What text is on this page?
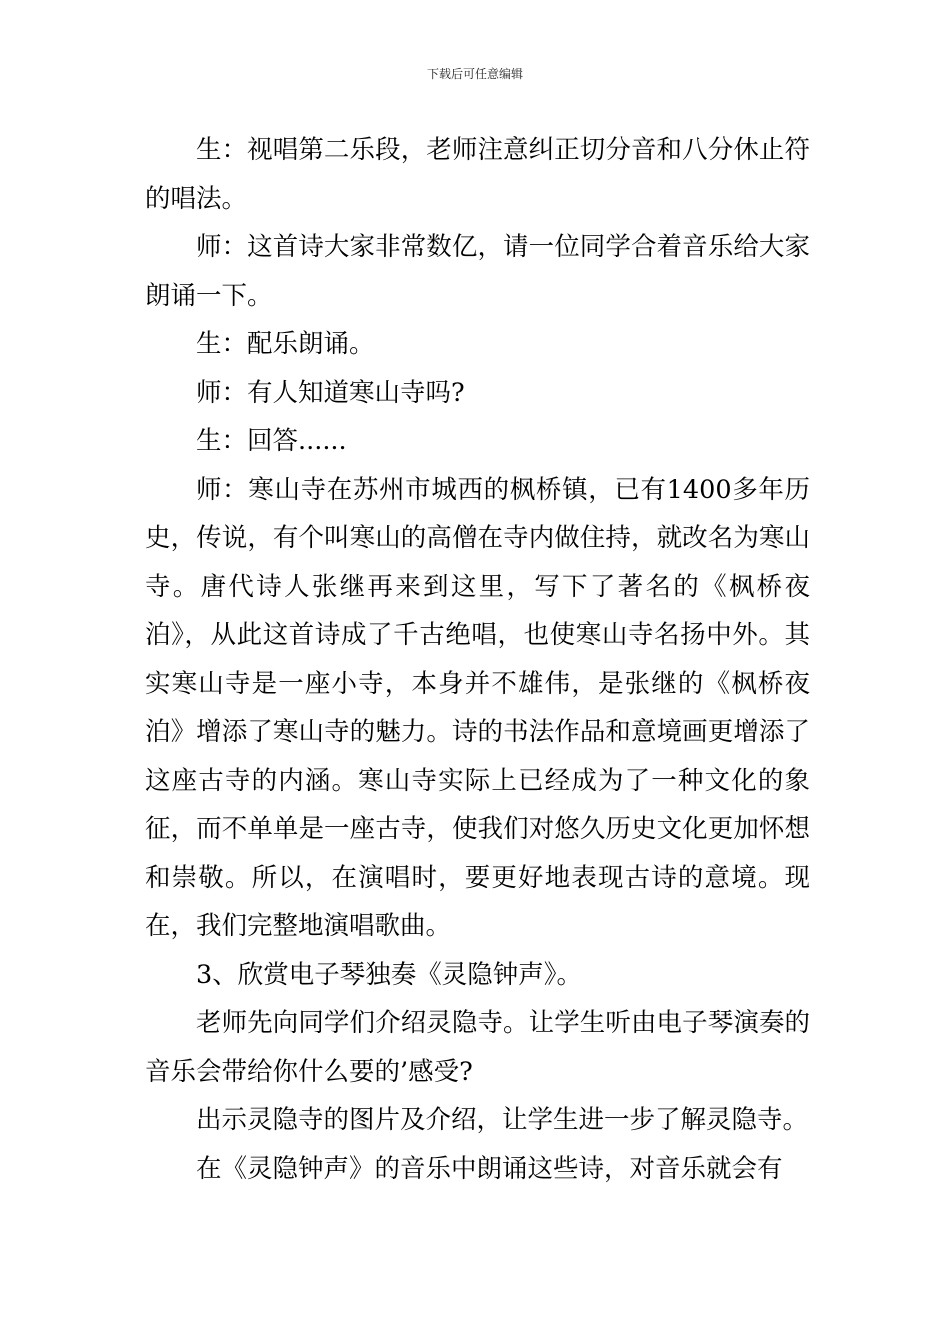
下载后可任意编辑

生：视唱第二乐段，老师注意纠正切分音和八分休止符的唱法。

师：这首诗大家非常数亿，请一位同学合着音乐给大家朗诵一下。

生：配乐朗诵。

师：有人知道寒山寺吗?

生：回答......

师：寒山寺在苏州市城西的枫桥镇，已有1400多年历史，传说，有个叫寒山的高僧在寺内做住持，就改名为寒山寺。唐代诗人张继再来到这里，写下了著名的《枫桥夜泊》，从此这首诗成了千古绝唱，也使寒山寺名扬中外。其实寒山寺是一座小寺，本身并不雄伟，是张继的《枫桥夜泊》增添了寒山寺的魅力。诗的书法作品和意境画更增添了这座古寺的内涵。寒山寺实际上已经成为了一种文化的象征，而不单单是一座古寺，使我们对悠久历史文化更加怀想和崇敬。所以，在演唱时，要更好地表现古诗的意境。现在，我们完整地演唱歌曲。

3、欣赏电子琴独奏《灵隐钟声》。

老师先向同学们介绍灵隐寺。让学生听由电子琴演奏的音乐会带给你什么要的’感受?

出示灵隐寺的图片及介绍，让学生进一步了解灵隐寺。

在《灵隐钟声》的音乐中朗诵这些诗，对音乐就会有
